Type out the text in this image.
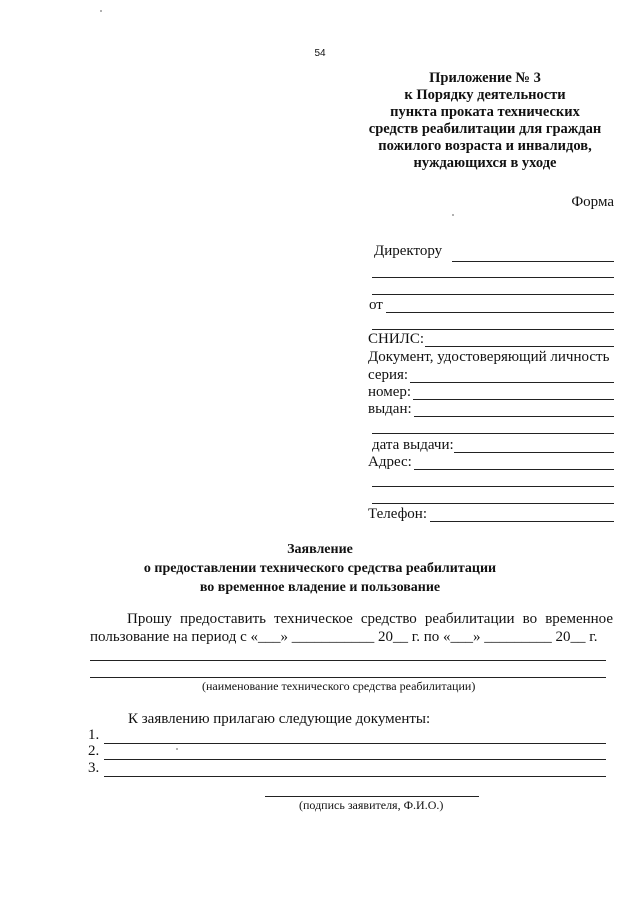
54
Приложение № 3
к Порядку деятельности
пункта проката технических
средств реабилитации для граждан
пожилого возраста и инвалидов,
нуждающихся в уходе
Форма
Директору
от
СНИЛС:
Документ, удостоверяющий личность
серия:
номер:
выдан:
дата выдачи:
Адрес:
Телефон:
Заявление
о предоставлении технического средства реабилитации
во временное владение и пользование
Прошу предоставить техническое средство реабилитации во временное
пользование на период с «___» ___________ 20__ г. по «___» _________ 20__ г.
(наименование технического средства реабилитации)
К заявлению прилагаю следующие документы:
1.
2.
3.
(подпись заявителя, Ф.И.О.)
